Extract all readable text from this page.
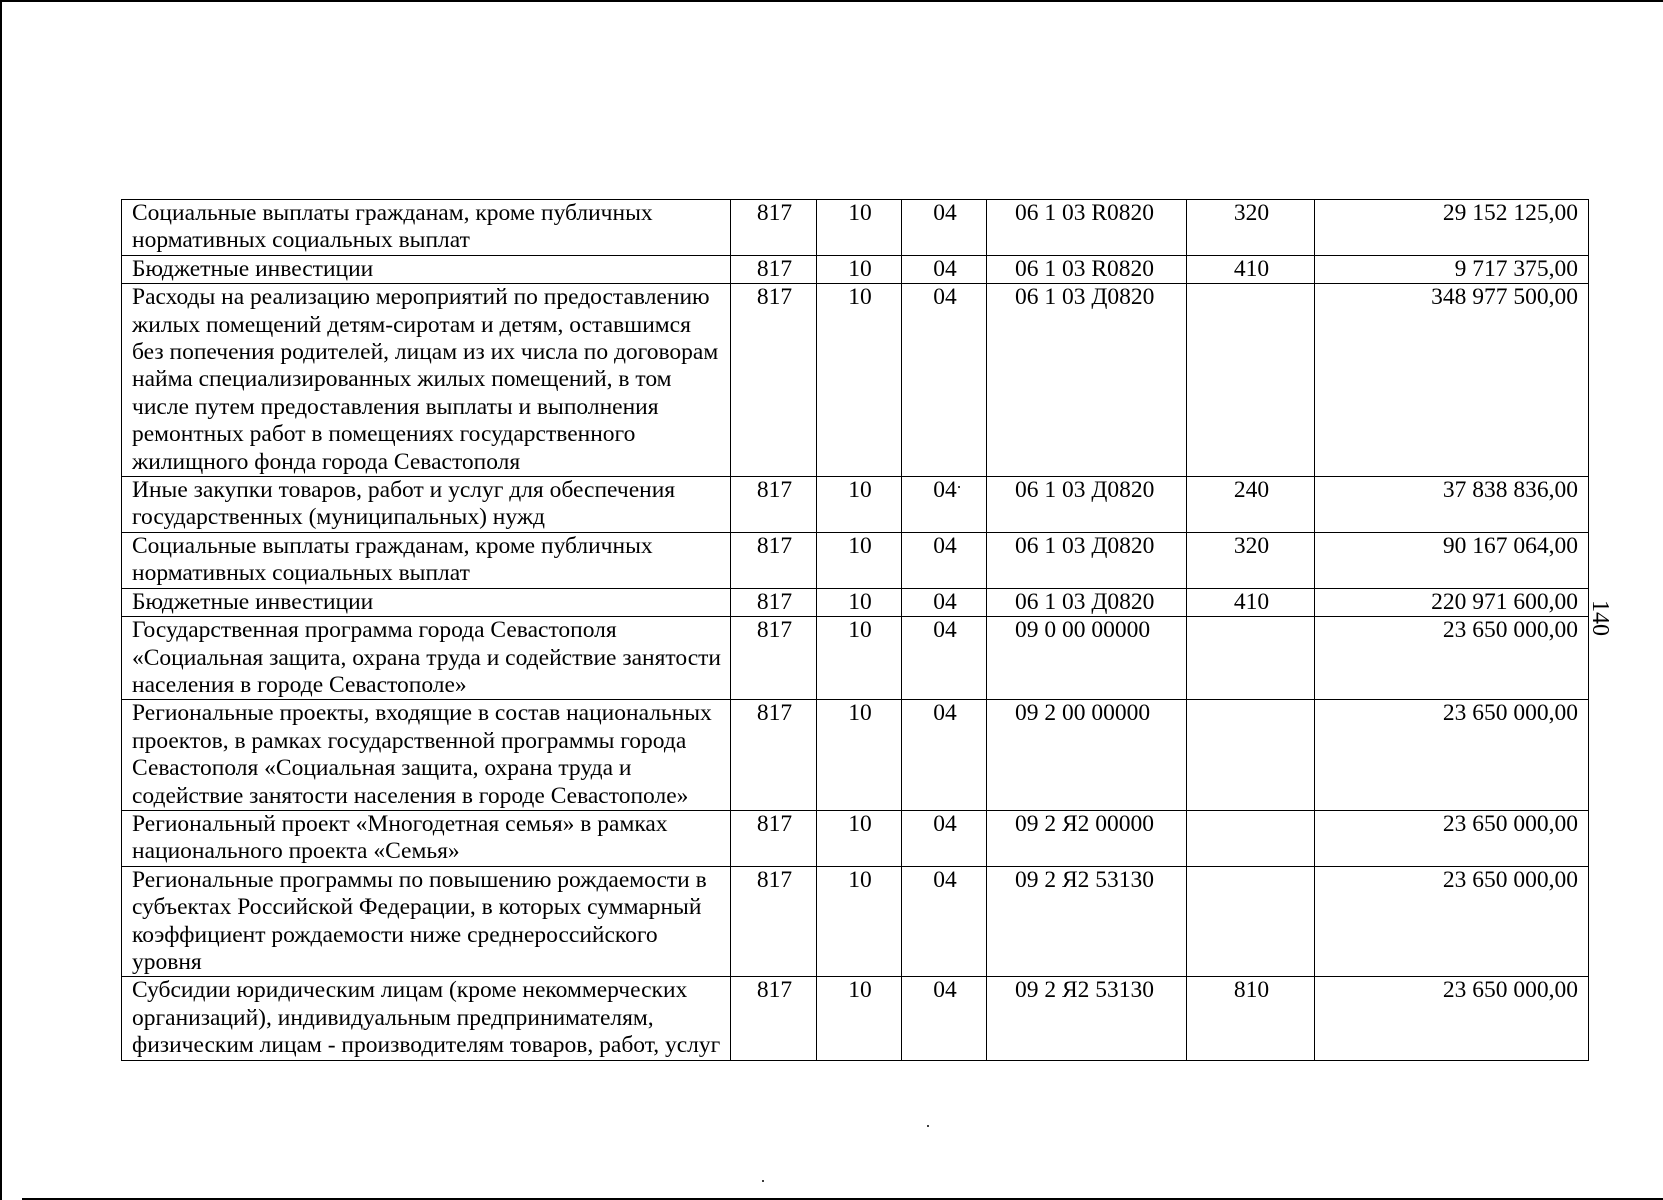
Социальные выплаты гражданам, кроме публичных нормативных социальных выплат	817	10	04	06 1 03 R0820	320	29 152 125,00
Бюджетные инвестиции	817	10	04	06 1 03 R0820	410	9 717 375,00
Расходы на реализацию мероприятий по предоставлению жилых помещений детям-сиротам и детям, оставшимся без попечения родителей, лицам из их числа по договорам найма специализированных жилых помещений, в том числе путем предоставления выплаты и выполнения ремонтных работ в помещениях государственного жилищного фонда города Севастополя	817	10	04	06 1 03 Д0820		348 977 500,00
Иные закупки товаров, работ и услуг для обеспечения государственных (муниципальных) нужд	817	10	04	06 1 03 Д0820	240	37 838 836,00
Социальные выплаты гражданам, кроме публичных нормативных социальных выплат	817	10	04	06 1 03 Д0820	320	90 167 064,00
Бюджетные инвестиции	817	10	04	06 1 03 Д0820	410	220 971 600,00
Государственная программа города Севастополя «Социальная защита, охрана труда и содействие занятости населения в городе Севастополе»	817	10	04	09 0 00 00000		23 650 000,00
Региональные проекты, входящие в состав национальных проектов, в рамках государственной программы города Севастополя «Социальная защита, охрана труда и содействие занятости населения в городе Севастополе»	817	10	04	09 2 00 00000		23 650 000,00
Региональный проект «Многодетная семья» в рамках национального проекта «Семья»	817	10	04	09 2 Я2 00000		23 650 000,00
Региональные программы по повышению рождаемости в субъектах Российской Федерации, в которых суммарный коэффициент рождаемости ниже среднероссийского уровня	817	10	04	09 2 Я2 53130		23 650 000,00
Субсидии юридическим лицам (кроме некоммерческих организаций), индивидуальным предпринимателям, физическим лицам - производителям товаров, работ, услуг	817	10	04	09 2 Я2 53130	810	23 650 000,00
140
